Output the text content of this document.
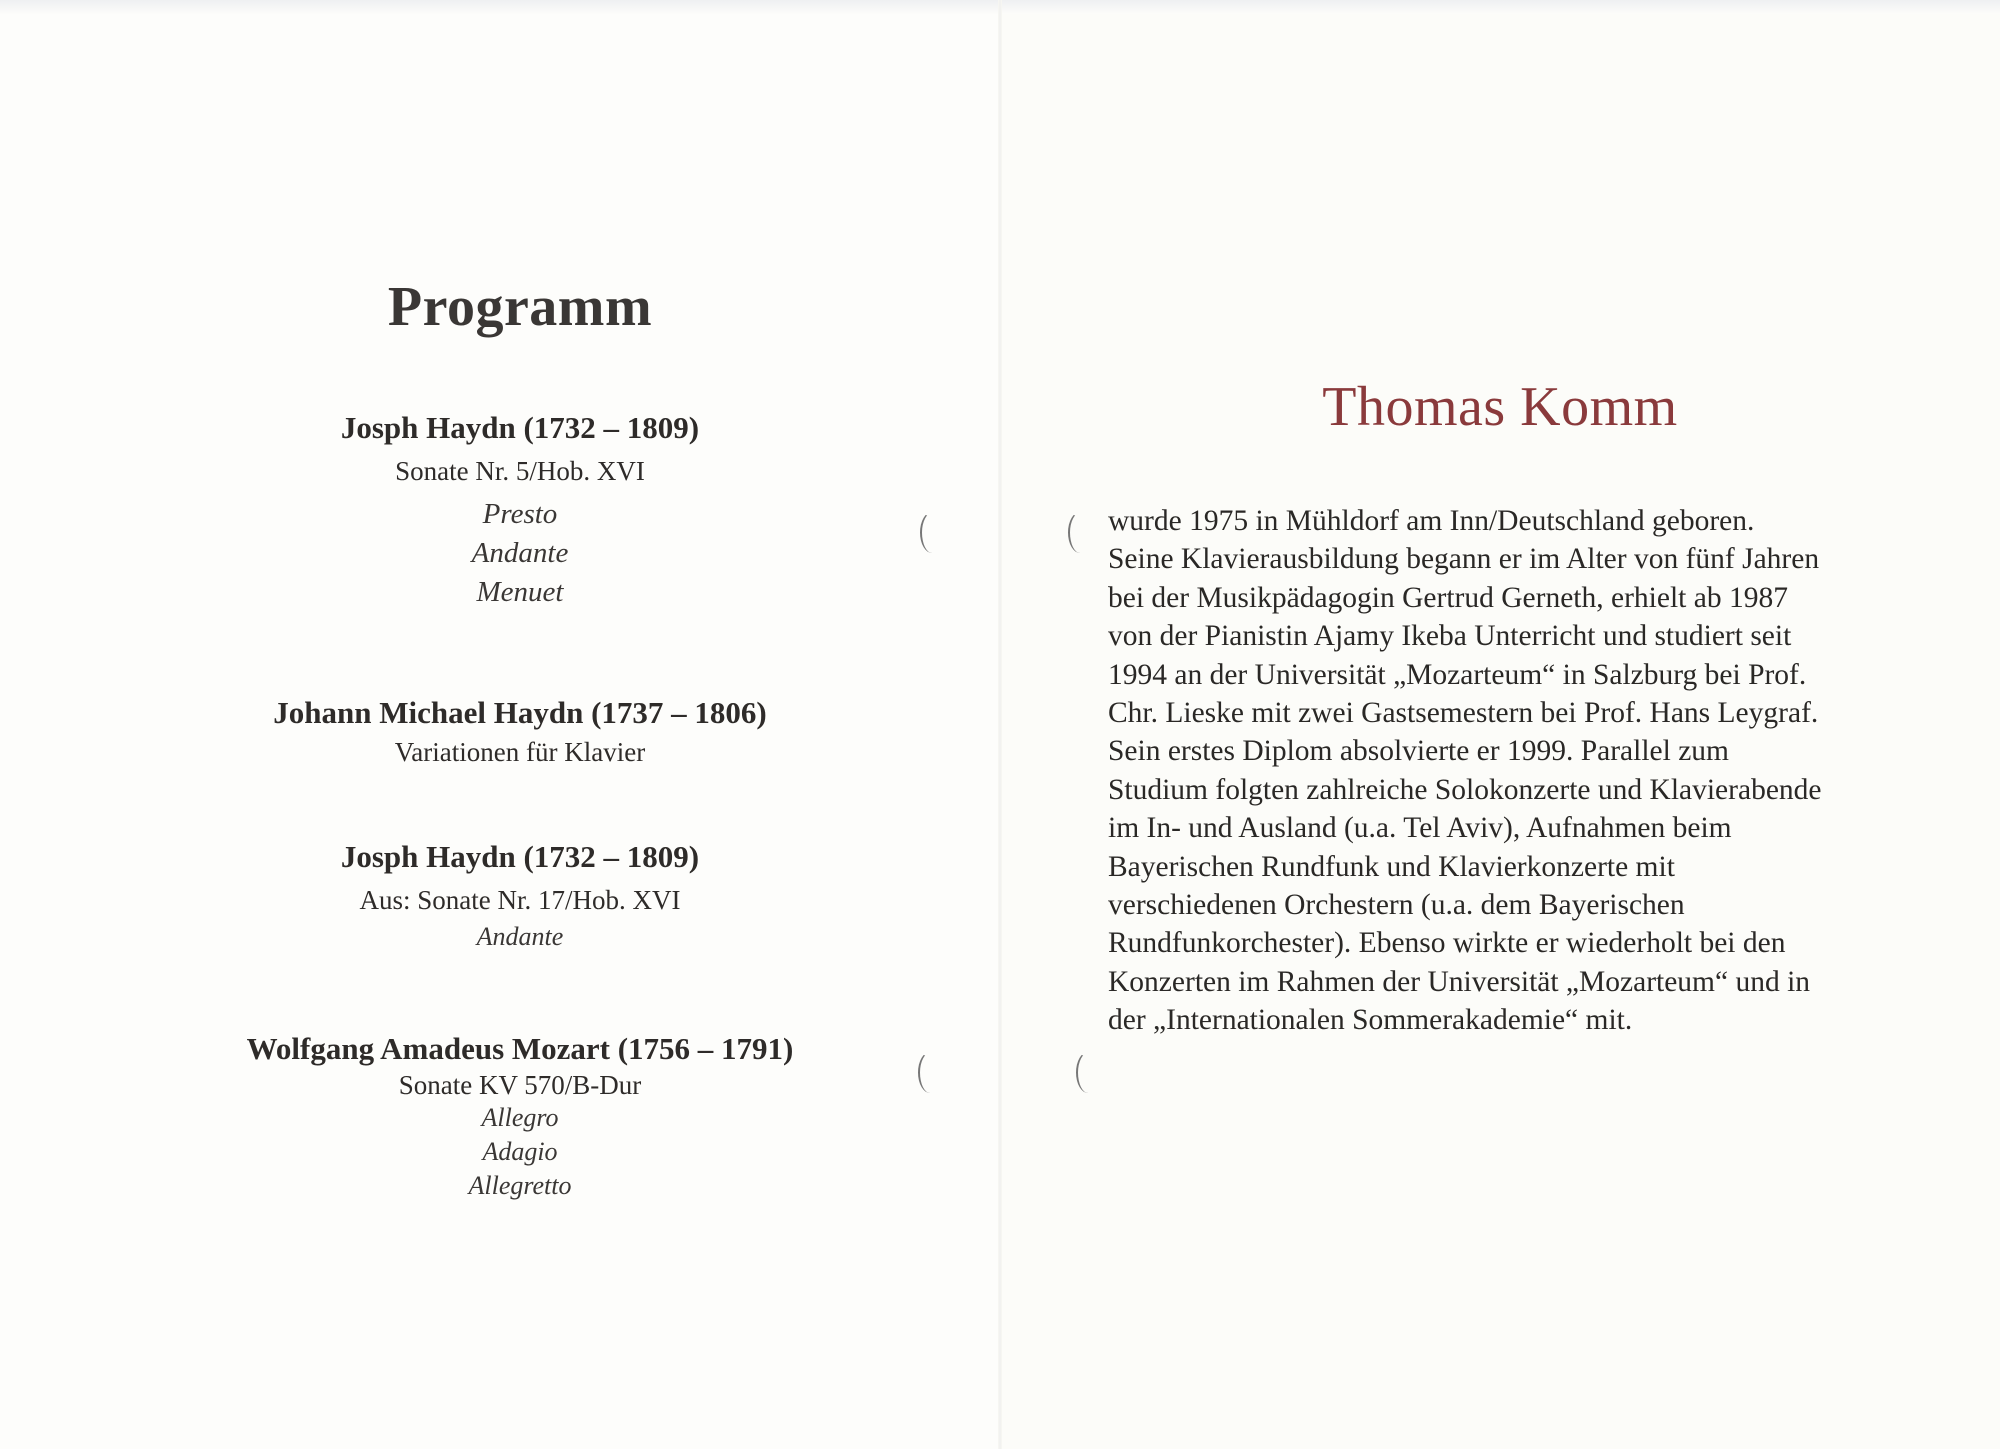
Programm
Josph Haydn (1732 – 1809)
Sonate Nr. 5/Hob. XVI
Presto
Andante
Menuet
Johann Michael Haydn (1737 – 1806)
Variationen für Klavier
Josph Haydn (1732 – 1809)
Aus: Sonate Nr. 17/Hob. XVI
Andante
Wolfgang Amadeus Mozart (1756 – 1791)
Sonate KV 570/B-Dur
Allegro
Adagio
Allegretto
Thomas Komm
wurde 1975 in Mühldorf am Inn/Deutschland geboren.
Seine Klavierausbildung begann er im Alter von fünf Jahren
bei der Musikpädagogin Gertrud Gerneth, erhielt ab 1987
von der Pianistin Ajamy Ikeba Unterricht und studiert seit
1994 an der Universität „Mozarteum“ in Salzburg bei Prof.
Chr. Lieske mit zwei Gastsemestern bei Prof. Hans Leygraf.
Sein erstes Diplom absolvierte er 1999. Parallel zum
Studium folgten zahlreiche Solokonzerte und Klavierabende
im In- und Ausland (u.a. Tel Aviv), Aufnahmen beim
Bayerischen Rundfunk und Klavierkonzerte mit
verschiedenen Orchestern (u.a. dem Bayerischen
Rundfunkorchester). Ebenso wirkte er wiederholt bei den
Konzerten im Rahmen der Universität „Mozarteum“ und in
der „Internationalen Sommerakademie“ mit.
